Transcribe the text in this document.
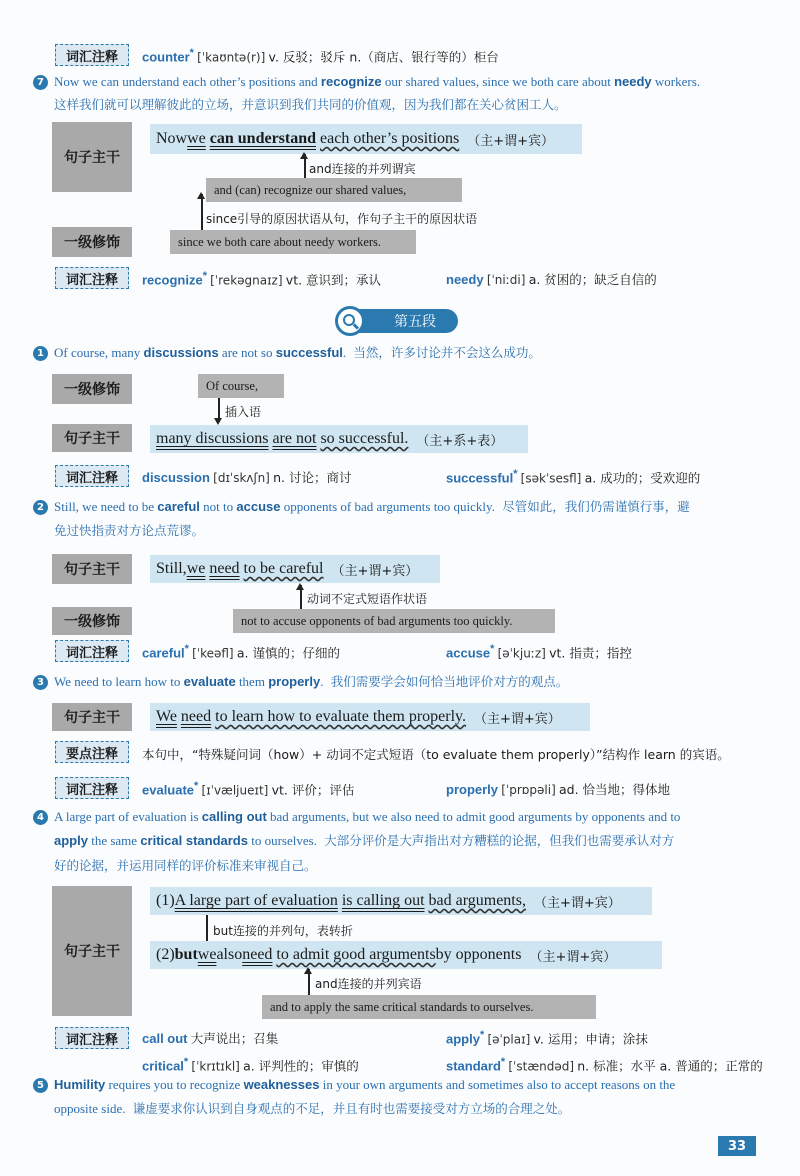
词汇注释	counter* [ˈkaʊntə(r)] v. 反驳；驳斥 n.（商店、银行等的）柜台
7 Now we can understand each other’s positions and recognize our shared values, since we both care about needy workers.
这样我们就可以理解彼此的立场，并意识到我们共同的价值观，因为我们都在关心贫困工人。
句子主干
一级修饰
Now we
can understand
each other’s positions （主+谓+宾）
and连接的并列谓宾
and (can) recognize our shared values,
since引导的原因状语从句，作句子主干的原因状语
since we both care about needy workers.
词汇注释	recognize* [ˈrekəgnaɪz] vt. 意识到；承认	needy [ˈniːdi] a. 贫困的；缺乏自信的
第五段
1 Of course, many discussions are not so successful. 当然，许多讨论并不会这么成功。
一级修饰	Of course,
插入语
句子主干	many discussions
are not
so successful. （主+系+表）
词汇注释	discussion [dɪˈskʌʃn] n. 讨论；商讨	successful* [səkˈsesfl] a. 成功的；受欢迎的
2 Still, we need to be careful not to accuse opponents of bad arguments too quickly. 尽管如此，我们仍需谨慎行事，避
免过快指责对方论点荒谬。
句子主干	Still, we
need
to be careful （主+谓+宾）
动词不定式短语作状语
一级修饰	not to accuse opponents of bad arguments too quickly.
词汇注释	careful* [ˈkeəfl] a. 谨慎的；仔细的	accuse* [əˈkjuːz] vt. 指责；指控
3 We need to learn how to evaluate them properly. 我们需要学会如何恰当地评价对方的观点。
句子主干	We
need
to learn how to evaluate them properly. （主+谓+宾）
要点注释	本句中，“特殊疑问词（how）+ 动词不定式短语（to evaluate them properly）”结构作 learn 的宾语。
词汇注释	evaluate* [ɪˈvæljueɪt] vt. 评价；评估	properly [ˈprɒpəli] ad. 恰当地；得体地
4 A large part of evaluation is calling out bad arguments, but we also need to admit good arguments by opponents and to
apply the same critical standards to ourselves. 大部分评价是大声指出对方糟糕的论据，但我们也需要承认对方
好的论据，并运用同样的评价标准来审视自己。
句子主干
(1) A large part of evaluation
is calling out
bad arguments, （主+谓+宾）
but连接的并列句，表转折
(2) but we also need
to admit good arguments by opponents （主+谓+宾）
and连接的并列宾语
and to apply the same critical standards to ourselves.
词汇注释	call out 大声说出；召集	apply* [əˈplaɪ] v. 运用；申请；涂抹
critical* [ˈkrɪtɪkl] a. 评判性的；审慎的	standard* [ˈstændəd] n. 标准；水平 a. 普通的；正常的
5 Humility requires you to recognize weaknesses in your own arguments and sometimes also to accept reasons on the
opposite side. 谦虚要求你认识到自身观点的不足，并且有时也需要接受对方立场的合理之处。
33
